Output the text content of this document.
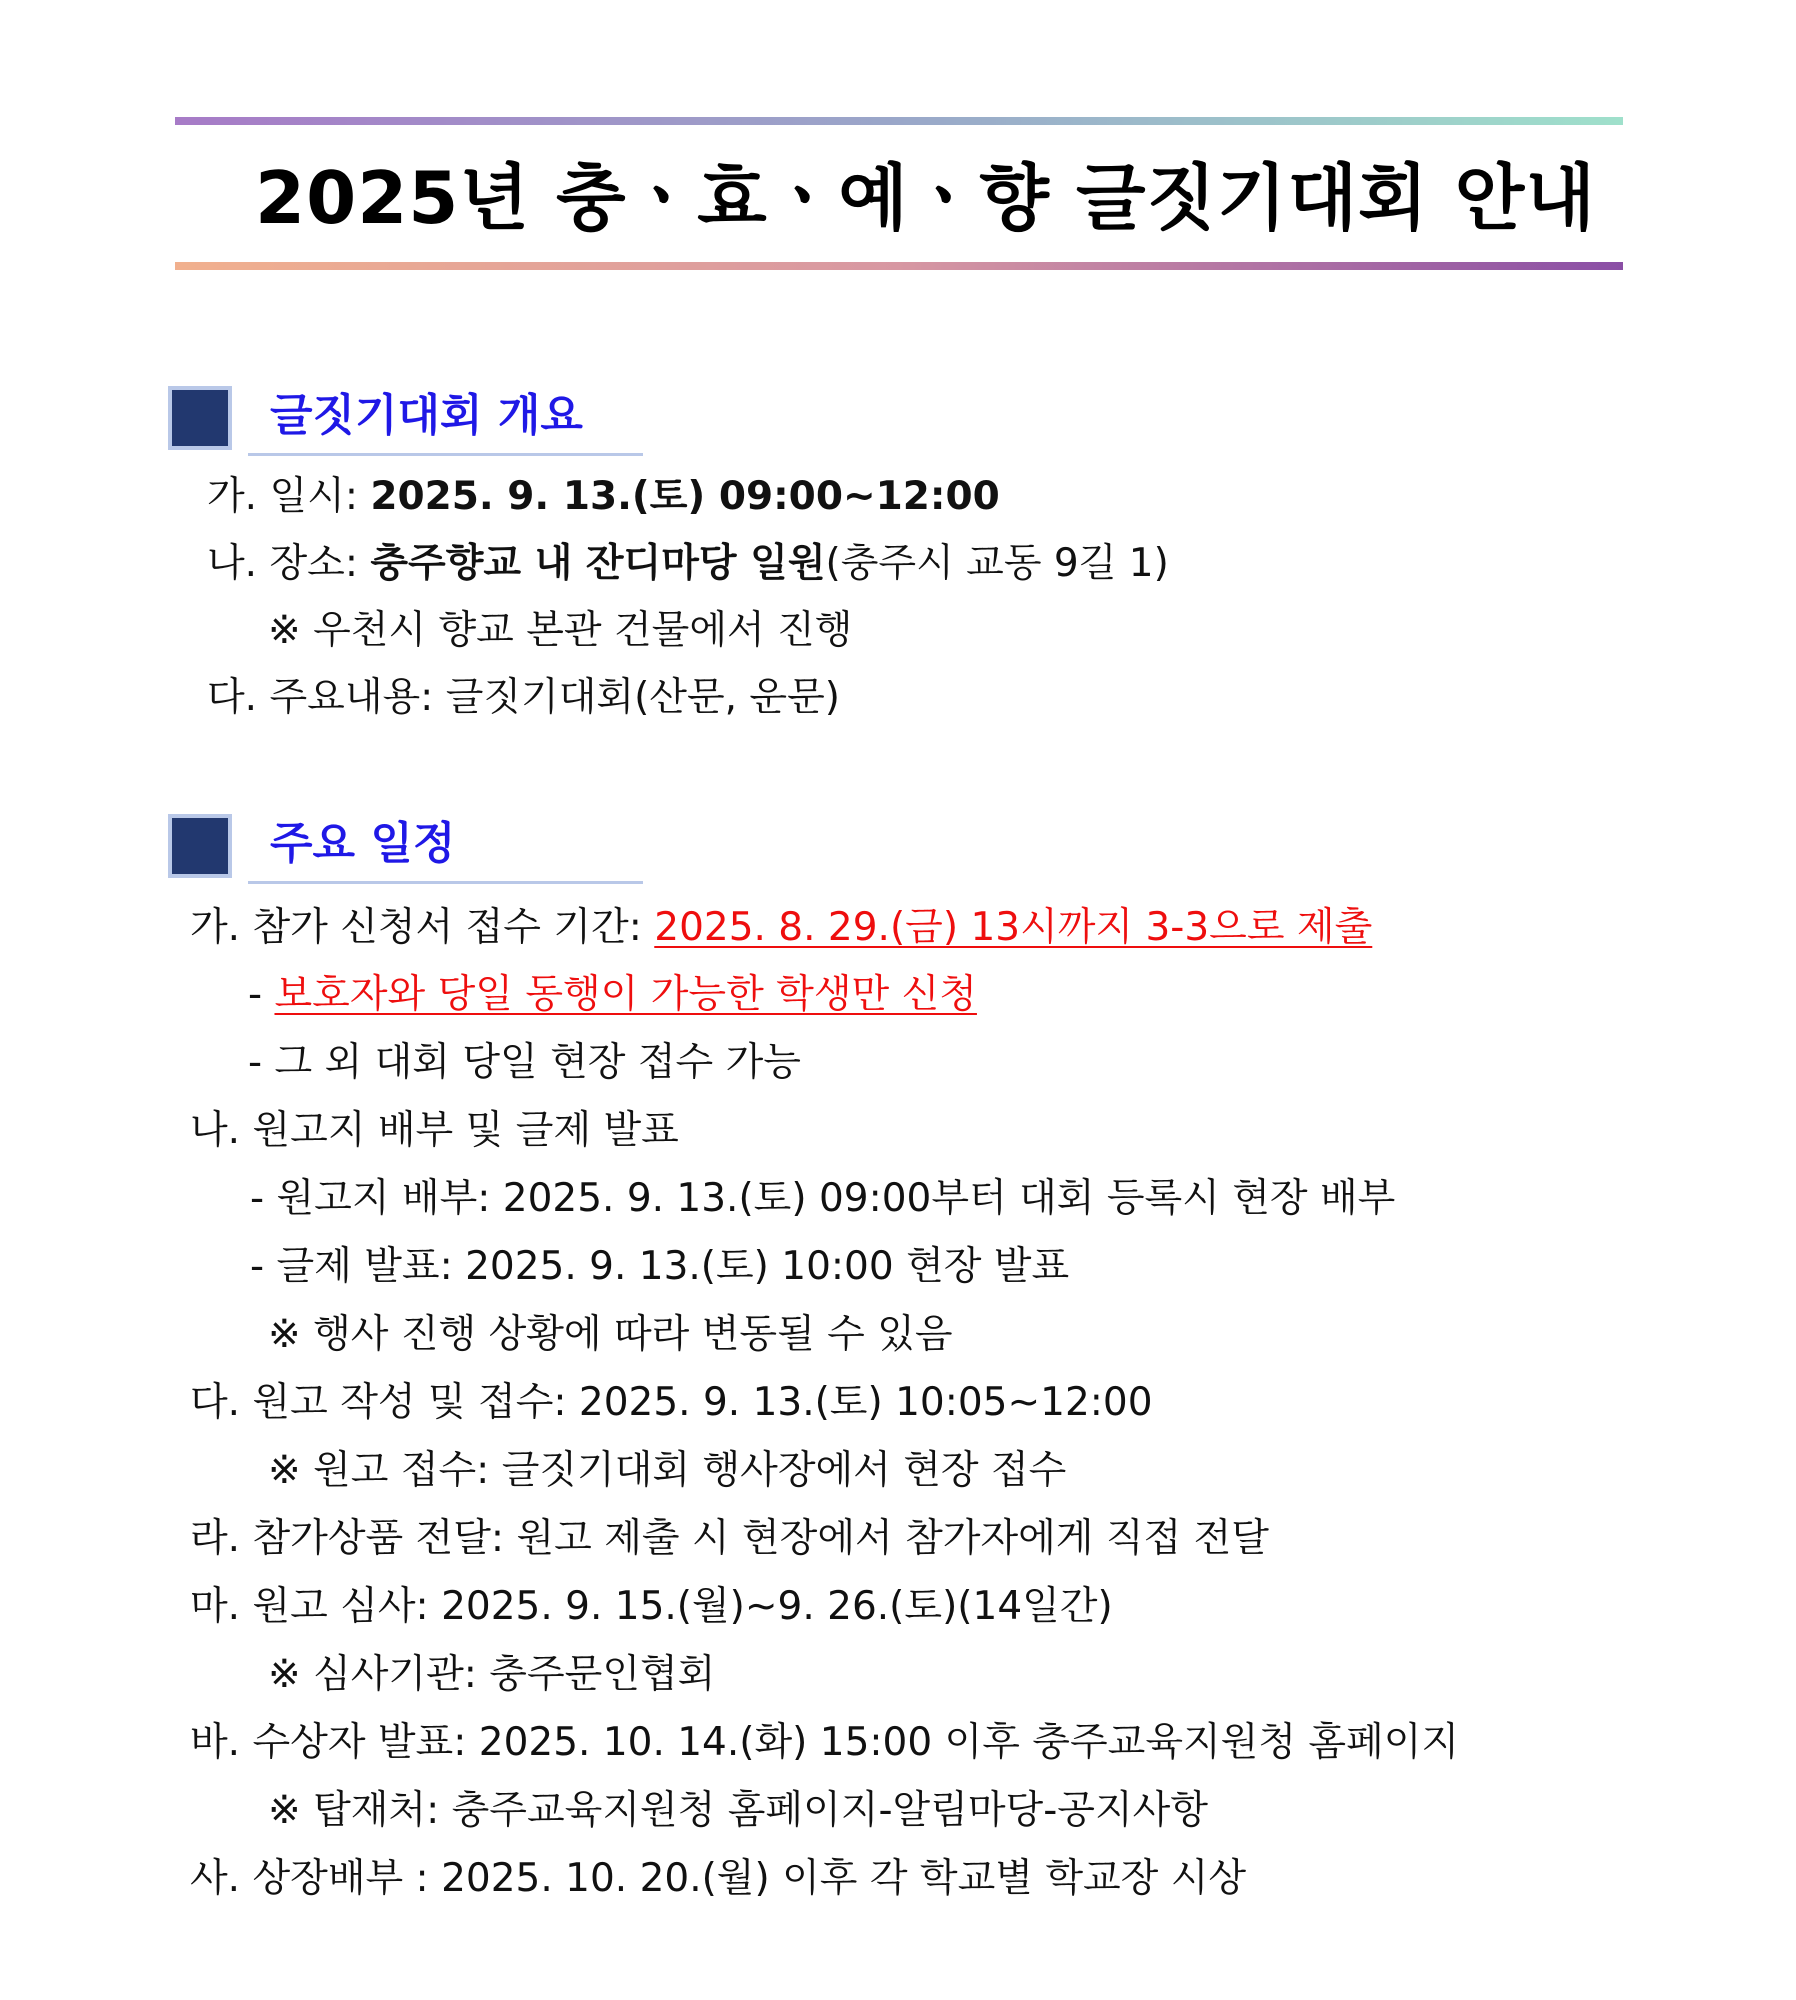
2025년 충ㆍ효ㆍ예ㆍ향 글짓기대회 안내
글짓기대회 개요
가. 일시: 2025. 9. 13.(토) 09:00~12:00
나. 장소: 충주향교 내 잔디마당 일원(충주시 교동 9길 1)
※ 우천시 향교 본관 건물에서 진행
다. 주요내용: 글짓기대회(산문, 운문)
주요 일정
가. 참가 신청서 접수 기간: 2025. 8. 29.(금) 13시까지 3-3으로 제출
- 보호자와 당일 동행이 가능한 학생만 신청
- 그 외 대회 당일 현장 접수 가능
나. 원고지 배부 및 글제 발표
- 원고지 배부: 2025. 9. 13.(토) 09:00부터 대회 등록시 현장 배부
- 글제 발표: 2025. 9. 13.(토) 10:00 현장 발표
※ 행사 진행 상황에 따라 변동될 수 있음
다. 원고 작성 및 접수: 2025. 9. 13.(토) 10:05~12:00
※ 원고 접수: 글짓기대회 행사장에서 현장 접수
라. 참가상품 전달: 원고 제출 시 현장에서 참가자에게 직접 전달
마. 원고 심사: 2025. 9. 15.(월)~9. 26.(토)(14일간)
※ 심사기관: 충주문인협회
바. 수상자 발표: 2025. 10. 14.(화) 15:00 이후 충주교육지원청 홈페이지
※ 탑재처: 충주교육지원청 홈페이지-알림마당-공지사항
사. 상장배부 : 2025. 10. 20.(월) 이후 각 학교별 학교장 시상
